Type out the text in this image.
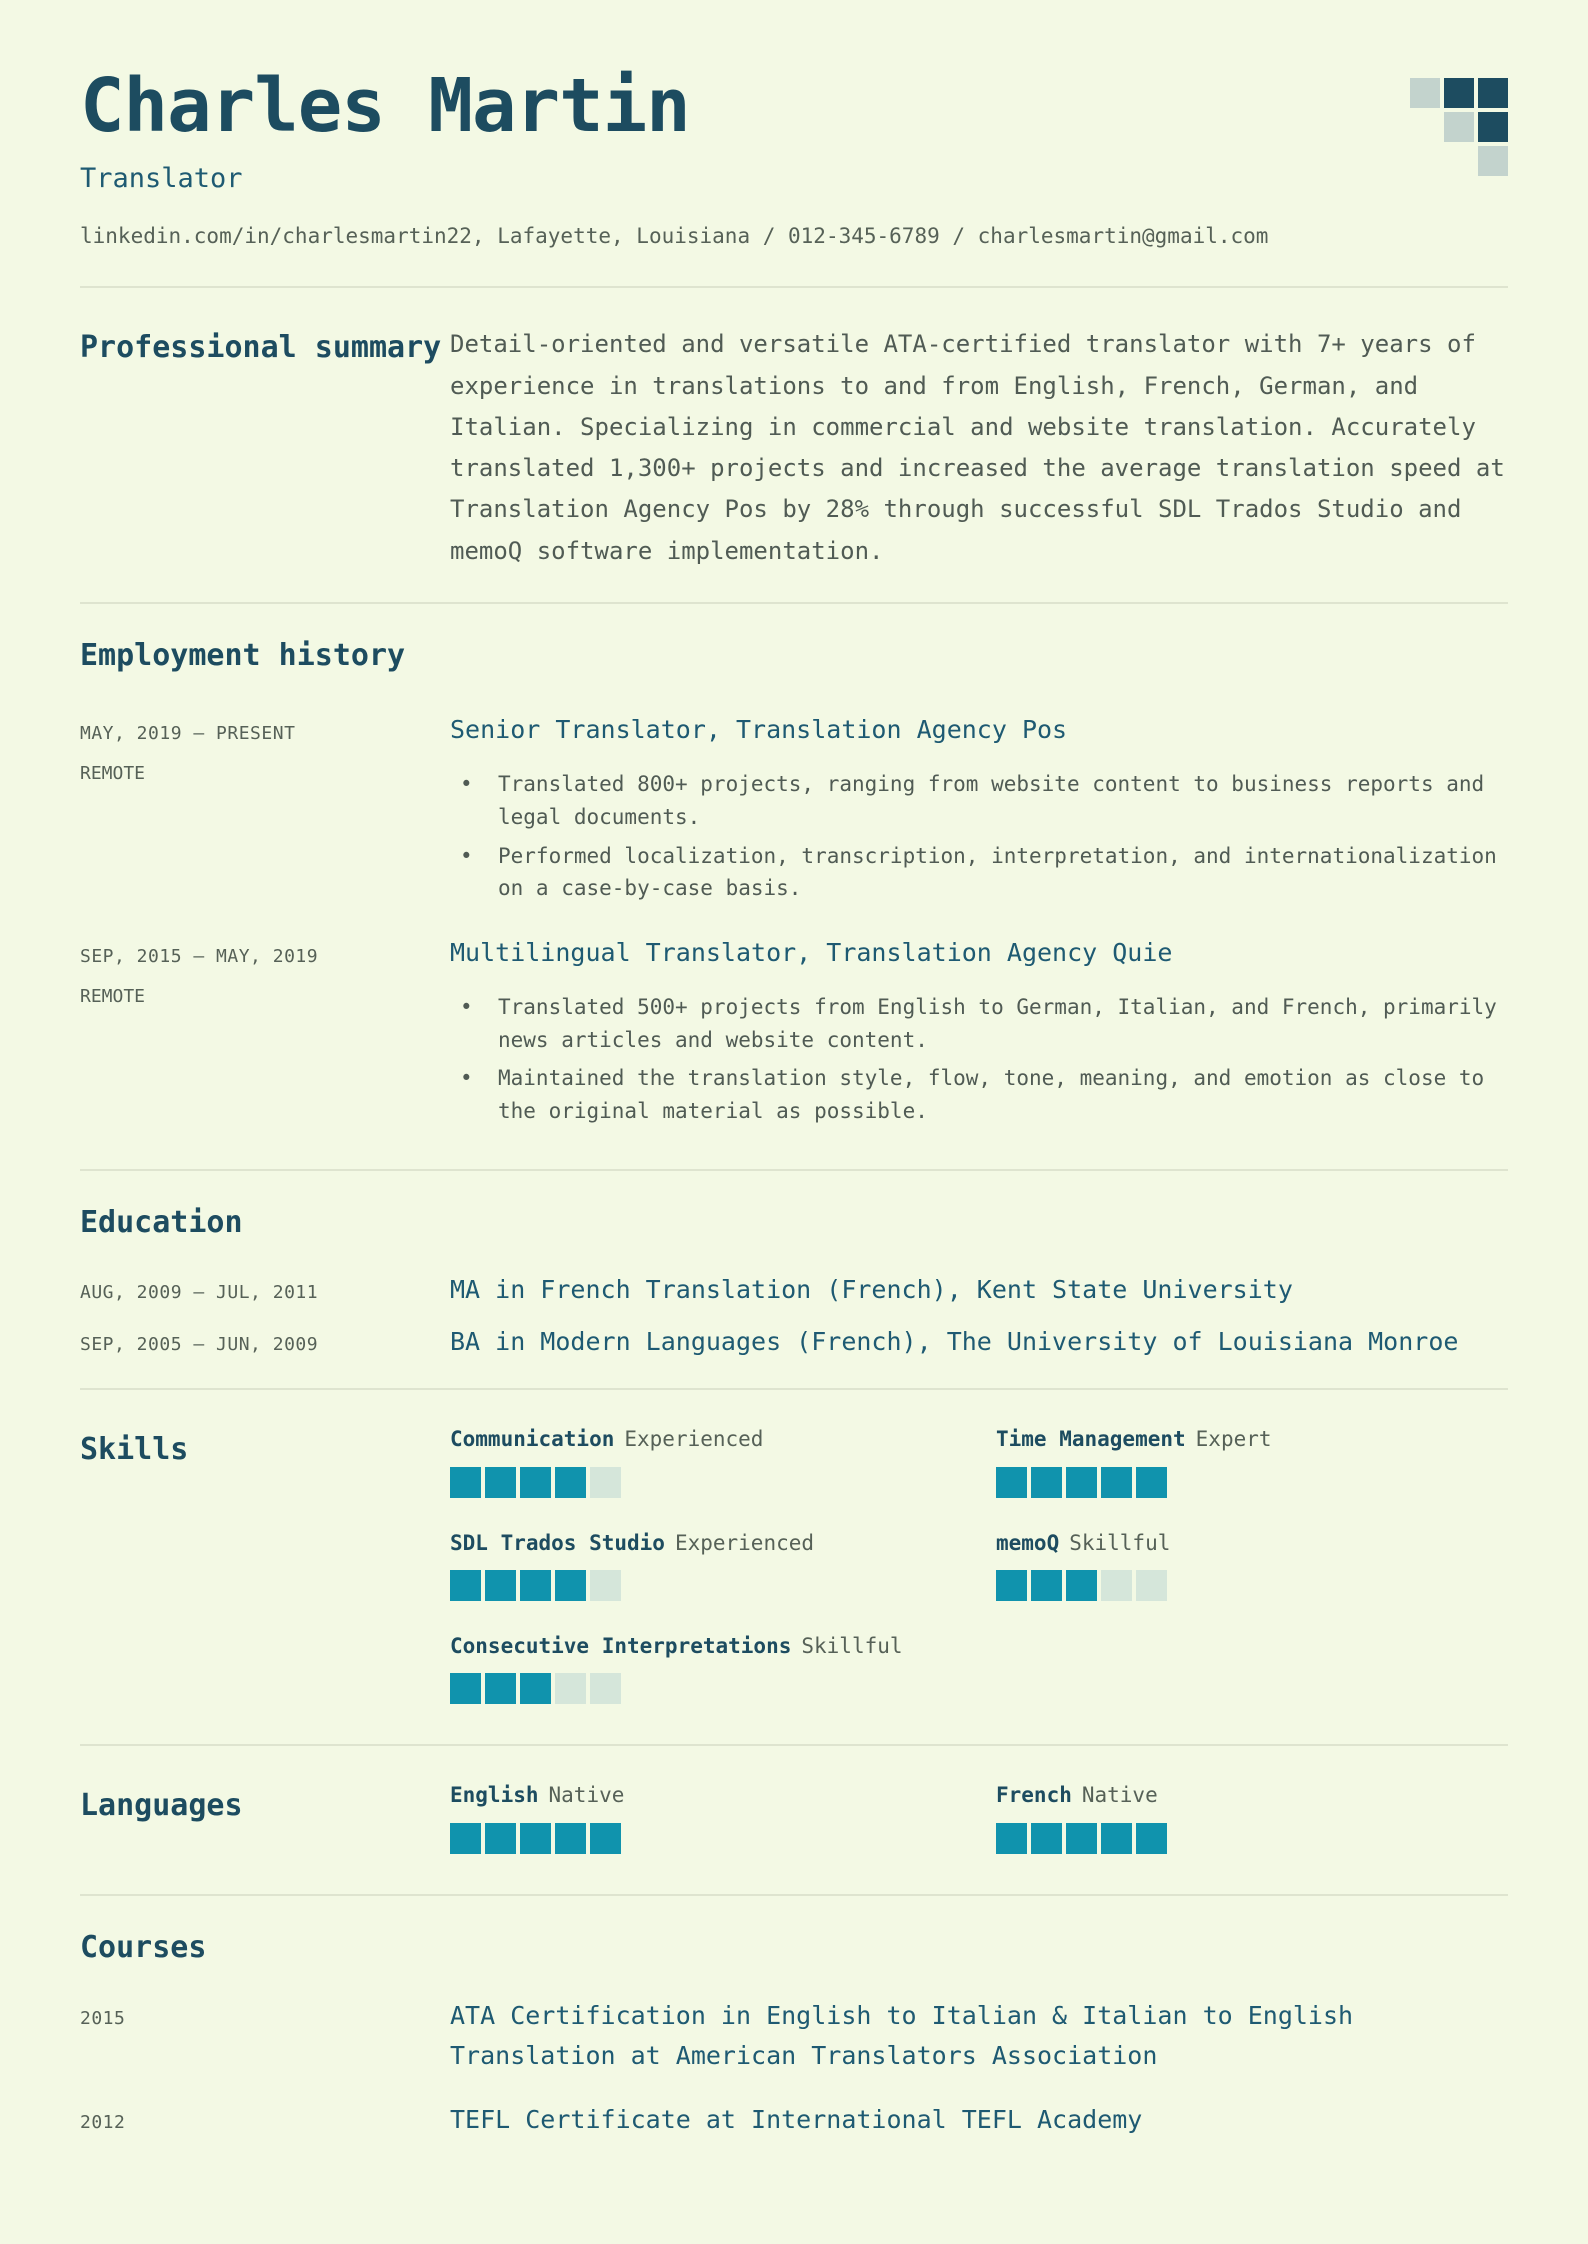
Charles Martin
Translator
linkedin.com/in/charlesmartin22, Lafayette, Louisiana / 012-345-6789 / charlesmartin@gmail.com
Professional summary Detail-oriented and versatile ATA-certified translator with 7+ years of experience in translations to and from English, French, German, and Italian. Specializing in commercial and website translation. Accurately translated 1,300+ projects and increased the average translation speed at Translation Agency Pos by 28% through successful SDL Trados Studio and memoQ software implementation.
Employment history
MAY, 2019 – PRESENT
REMOTE
Senior Translator, Translation Agency Pos
• Translated 800+ projects, ranging from website content to business reports and legal documents.
• Performed localization, transcription, interpretation, and internationalization on a case-by-case basis.
SEP, 2015 – MAY, 2019
REMOTE
Multilingual Translator, Translation Agency Quie
• Translated 500+ projects from English to German, Italian, and French, primarily news articles and website content.
• Maintained the translation style, flow, tone, meaning, and emotion as close to the original material as possible.
Education
AUG, 2009 – JUL, 2011	MA in French Translation (French), Kent State University
SEP, 2005 – JUN, 2009	BA in Modern Languages (French), The University of Louisiana Monroe
Skills	Communication Experienced	Time Management Expert
SDL Trados Studio Experienced	memoQ Skillful
Consecutive Interpretations Skillful
Languages	English Native	French Native
Courses
2015	ATA Certification in English to Italian & Italian to English Translation at American Translators Association
2012	TEFL Certificate at International TEFL Academy
